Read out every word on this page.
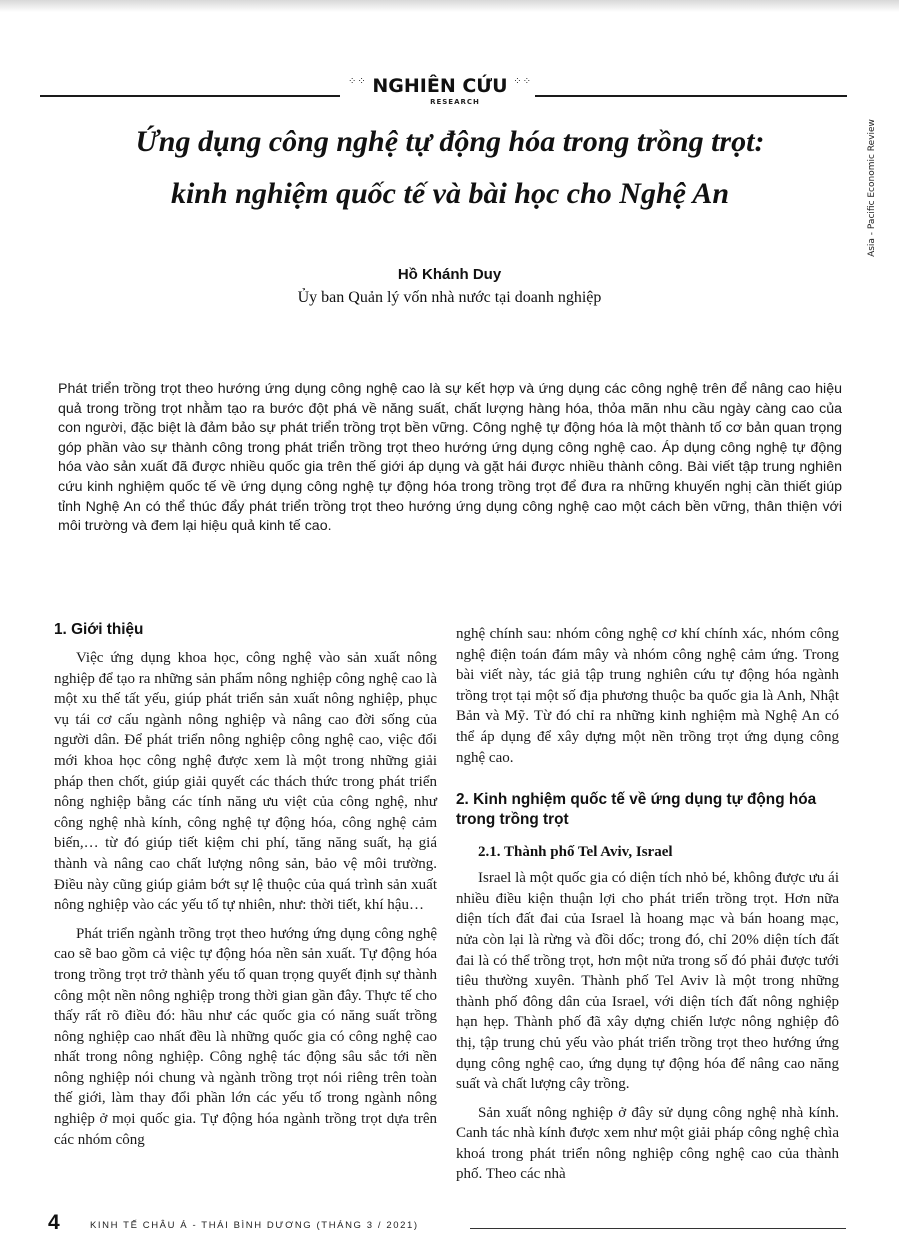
⁘⁘	⁘⁘
NGHIÊN CỨU
RESEARCH
Asia - Pacific Economic Review
Ứng dụng công nghệ tự động hóa trong trồng trọt:
kinh nghiệm quốc tế và bài học cho Nghệ An
Hồ Khánh Duy
Ủy ban Quản lý vốn nhà nước tại doanh nghiệp

Phát triển trồng trọt theo hướng ứng dụng công nghệ cao là sự kết hợp và ứng dụng các công nghệ trên để nâng cao hiệu quả trong trồng trọt nhằm tạo ra bước đột phá về năng suất, chất lượng hàng hóa, thỏa mãn nhu cầu ngày càng cao của con người, đặc biệt là đảm bảo sự phát triển trồng trọt bền vững. Công nghệ tự động hóa là một thành tố cơ bản quan trọng góp phần vào sự thành công trong phát triển trồng trọt theo hướng ứng dụng công nghệ cao. Áp dụng công nghệ tự động hóa vào sản xuất đã được nhiều quốc gia trên thế giới áp dụng và gặt hái được nhiều thành công. Bài viết tập trung nghiên cứu kinh nghiệm quốc tế về ứng dụng công nghệ tự động hóa trong trồng trọt để đưa ra những khuyến nghị cần thiết giúp tỉnh Nghệ An có thể thúc đẩy phát triển trồng trọt theo hướng ứng dụng công nghệ cao một cách bền vững, thân thiện với môi trường và đem lại hiệu quả kinh tế cao.

1. Giới thiệu

Việc ứng dụng khoa học, công nghệ vào sản xuất nông nghiệp để tạo ra những sản phẩm nông nghiệp công nghệ cao là một xu thế tất yếu, giúp phát triển sản xuất nông nghiệp, phục vụ tái cơ cấu ngành nông nghiệp và nâng cao đời sống của người dân. Để phát triển nông nghiệp công nghệ cao, việc đổi mới khoa học công nghệ được xem là một trong những giải pháp then chốt, giúp giải quyết các thách thức trong phát triển nông nghiệp bằng các tính năng ưu việt của công nghệ, như công nghệ nhà kính, công nghệ tự động hóa, công nghệ cảm biến,… từ đó giúp tiết kiệm chi phí, tăng năng suất, hạ giá thành và nâng cao chất lượng nông sản, bảo vệ môi trường. Điều này cũng giúp giảm bớt sự lệ thuộc của quá trình sản xuất nông nghiệp vào các yếu tố tự nhiên, như: thời tiết, khí hậu…

Phát triển ngành trồng trọt theo hướng ứng dụng công nghệ cao sẽ bao gồm cả việc tự động hóa nền sản xuất. Tự động hóa trong trồng trọt trở thành yếu tố quan trọng quyết định sự thành công một nền nông nghiệp trong thời gian gần đây. Thực tế cho thấy rất rõ điều đó: hầu như các quốc gia có năng suất trồng nông nghiệp cao nhất đều là những quốc gia có công nghệ cao nhất trong nông nghiệp. Công nghệ tác động sâu sắc tới nền nông nghiệp nói chung và ngành trồng trọt nói riêng trên toàn thế giới, làm thay đổi phần lớn các yếu tố trong ngành nông nghiệp ở mọi quốc gia. Tự động hóa ngành trồng trọt dựa trên các nhóm công

nghệ chính sau: nhóm công nghệ cơ khí chính xác, nhóm công nghệ điện toán đám mây và nhóm công nghệ cảm ứng. Trong bài viết này, tác giả tập trung nghiên cứu tự động hóa ngành trồng trọt tại một số địa phương thuộc ba quốc gia là Anh, Nhật Bản và Mỹ. Từ đó chỉ ra những kinh nghiệm mà Nghệ An có thể áp dụng để xây dựng một nền trồng trọt ứng dụng công nghệ cao.

2. Kinh nghiệm quốc tế về ứng dụng tự động hóa trong trồng trọt
2.1. Thành phố Tel Aviv, Israel

Israel là một quốc gia có diện tích nhỏ bé, không được ưu ái nhiều điều kiện thuận lợi cho phát triển trồng trọt. Hơn nữa diện tích đất đai của Israel là hoang mạc và bán hoang mạc, nửa còn lại là rừng và đồi dốc; trong đó, chỉ 20% diện tích đất đai là có thể trồng trọt, hơn một nửa trong số đó phải được tưới tiêu thường xuyên. Thành phố Tel Aviv là một trong những thành phố đông dân của Israel, với diện tích đất nông nghiệp hạn hẹp. Thành phố đã xây dựng chiến lược nông nghiệp đô thị, tập trung chủ yếu vào phát triển trồng trọt theo hướng ứng dụng công nghệ cao, ứng dụng tự động hóa để nâng cao năng suất và chất lượng cây trồng.

Sản xuất nông nghiệp ở đây sử dụng công nghệ nhà kính. Canh tác nhà kính được xem như một giải pháp công nghệ chìa khoá trong phát triển nông nghiệp công nghệ cao của thành phố. Theo các nhà

4	KINH TẾ CHÂU Á - THÁI BÌNH DƯƠNG (THÁNG 3 / 2021)
